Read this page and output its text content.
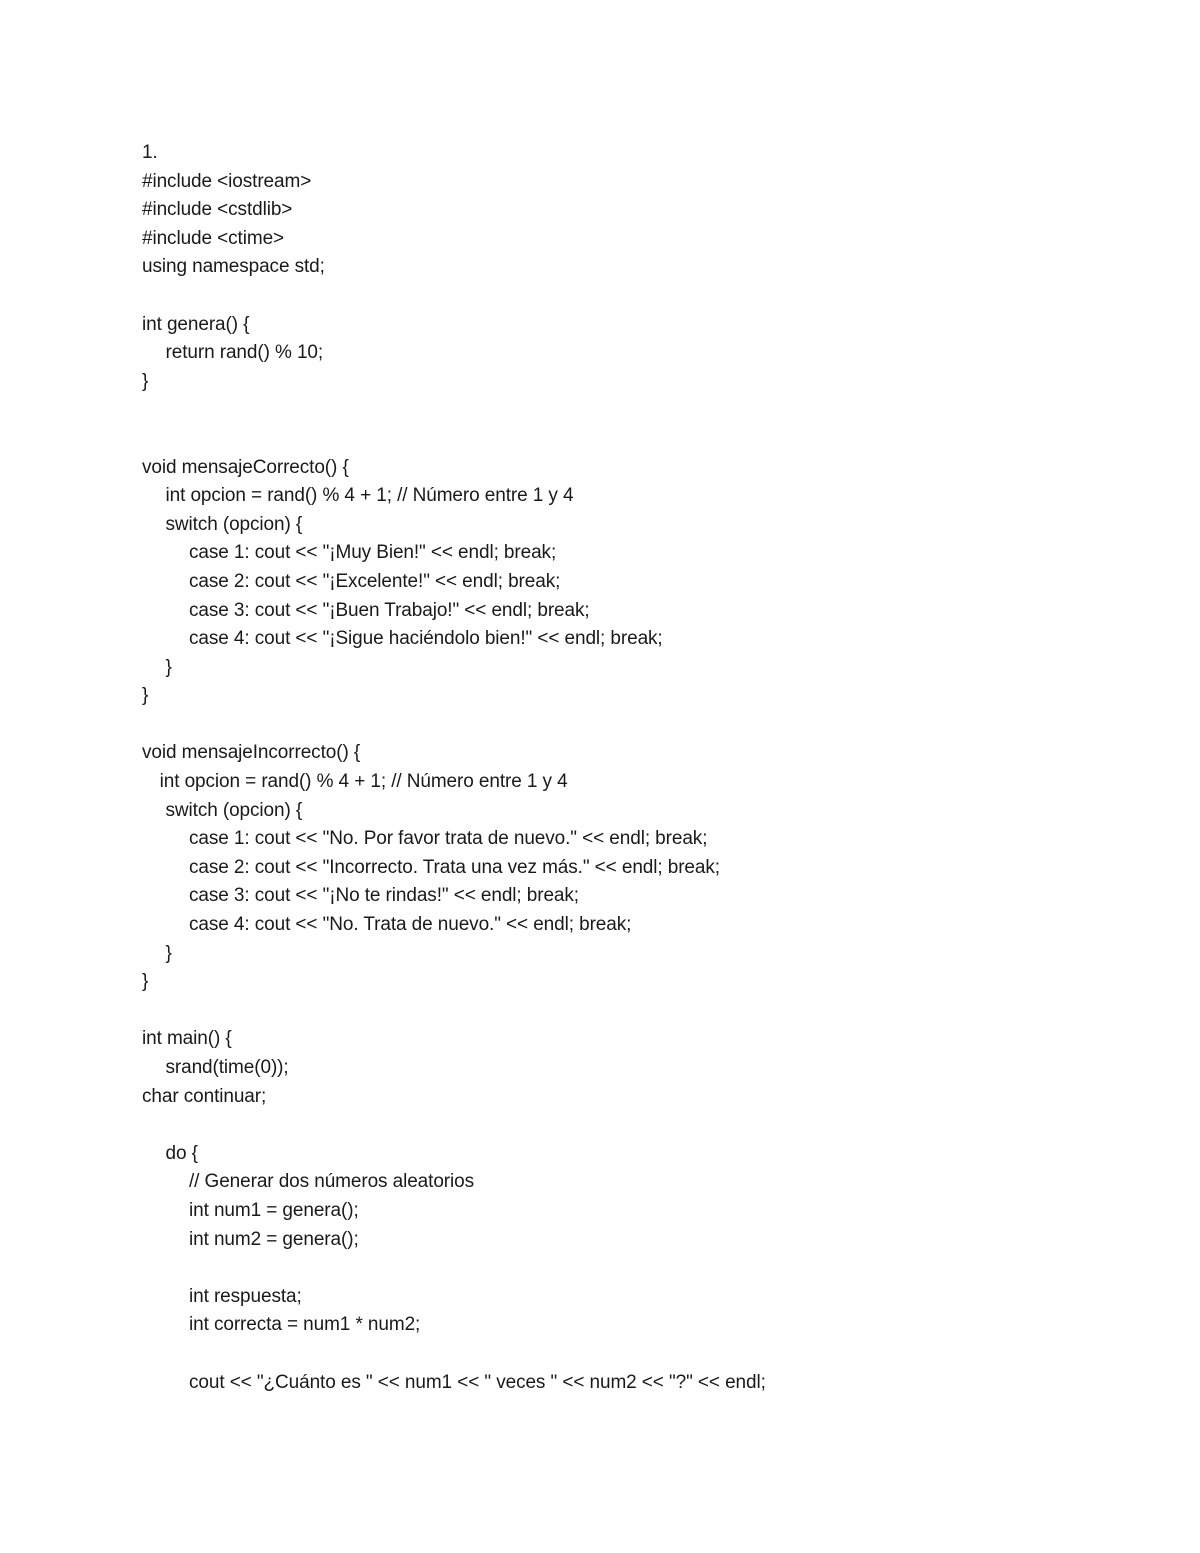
1.
#include <iostream>
#include <cstdlib>
#include <ctime>
using namespace std;
int genera() {
return rand() % 10;
}
void mensajeCorrecto() {
int opcion = rand() % 4 + 1; // Número entre 1 y 4
switch (opcion) {
case 1: cout << "¡Muy Bien!" << endl; break;
case 2: cout << "¡Excelente!" << endl; break;
case 3: cout << "¡Buen Trabajo!" << endl; break;
case 4: cout << "¡Sigue haciéndolo bien!" << endl; break;
}
}
void mensajeIncorrecto() {
int opcion = rand() % 4 + 1; // Número entre 1 y 4
switch (opcion) {
case 1: cout << "No. Por favor trata de nuevo." << endl; break;
case 2: cout << "Incorrecto. Trata una vez más." << endl; break;
case 3: cout << "¡No te rindas!" << endl; break;
case 4: cout << "No. Trata de nuevo." << endl; break;
}
}
int main() {
srand(time(0));
char continuar;
do {
// Generar dos números aleatorios
int num1 = genera();
int num2 = genera();
int respuesta;
int correcta = num1 * num2;
cout << "¿Cuánto es " << num1 << " veces " << num2 << "?" << endl;
